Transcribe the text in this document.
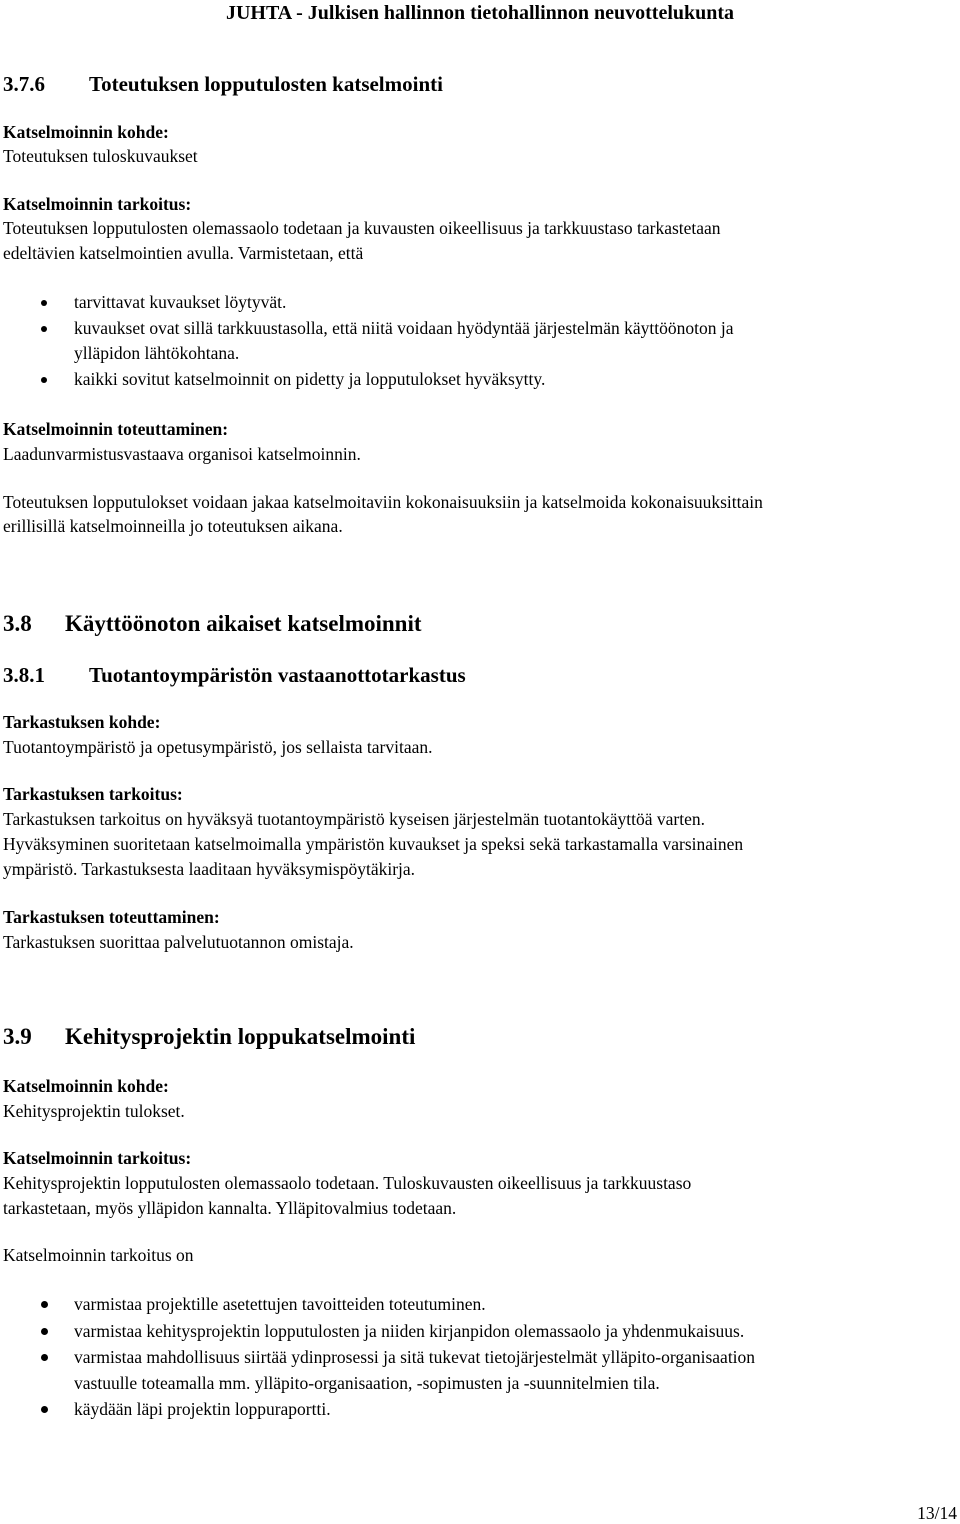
JUHTA - Julkisen hallinnon tietohallinnon neuvottelukunta
3.7.6 Toteutuksen lopputulosten katselmointi
Katselmoinnin kohde:
Toteutuksen tuloskuvaukset
Katselmoinnin tarkoitus:
Toteutuksen lopputulosten olemassaolo todetaan ja kuvausten oikeellisuus ja tarkkuustaso tarkastetaan
edeltävien katselmointien avulla. Varmistetaan, että
tarvittavat kuvaukset löytyvät.
kuvaukset ovat sillä tarkkuustasolla, että niitä voidaan hyödyntää järjestelmän käyttöönoton ja
ylläpidon lähtökohtana.
kaikki sovitut katselmoinnit on pidetty ja lopputulokset hyväksytty.
Katselmoinnin toteuttaminen:
Laadunvarmistusvastaava organisoi katselmoinnin.
Toteutuksen lopputulokset voidaan jakaa katselmoitaviin kokonaisuuksiin ja katselmoida kokonaisuuksittain
erillisillä katselmoinneilla jo toteutuksen aikana.
3.8 Käyttöönoton aikaiset katselmoinnit
3.8.1 Tuotantoympäristön vastaanottotarkastus
Tarkastuksen kohde:
Tuotantoympäristö ja opetusympäristö, jos sellaista tarvitaan.
Tarkastuksen tarkoitus:
Tarkastuksen tarkoitus on hyväksyä tuotantoympäristö kyseisen järjestelmän tuotantokäyttöä varten.
Hyväksyminen suoritetaan katselmoimalla ympäristön kuvaukset ja speksi sekä tarkastamalla varsinainen
ympäristö. Tarkastuksesta laaditaan hyväksymispöytäkirja.
Tarkastuksen toteuttaminen:
Tarkastuksen suorittaa palvelutuotannon omistaja.
3.9 Kehitysprojektin loppukatselmointi
Katselmoinnin kohde:
Kehitysprojektin tulokset.
Katselmoinnin tarkoitus:
Kehitysprojektin lopputulosten olemassaolo todetaan. Tuloskuvausten oikeellisuus ja tarkkuustaso
tarkastetaan, myös ylläpidon kannalta. Ylläpitovalmius todetaan.
Katselmoinnin tarkoitus on
varmistaa projektille asetettujen tavoitteiden toteutuminen.
varmistaa kehitysprojektin lopputulosten ja niiden kirjanpidon olemassaolo ja yhdenmukaisuus.
varmistaa mahdollisuus siirtää ydinprosessi ja sitä tukevat tietojärjestelmät ylläpito-organisaation
vastuulle toteamalla mm. ylläpito-organisaation, -sopimusten ja -suunnitelmien tila.
käydään läpi projektin loppuraportti.
13/14
